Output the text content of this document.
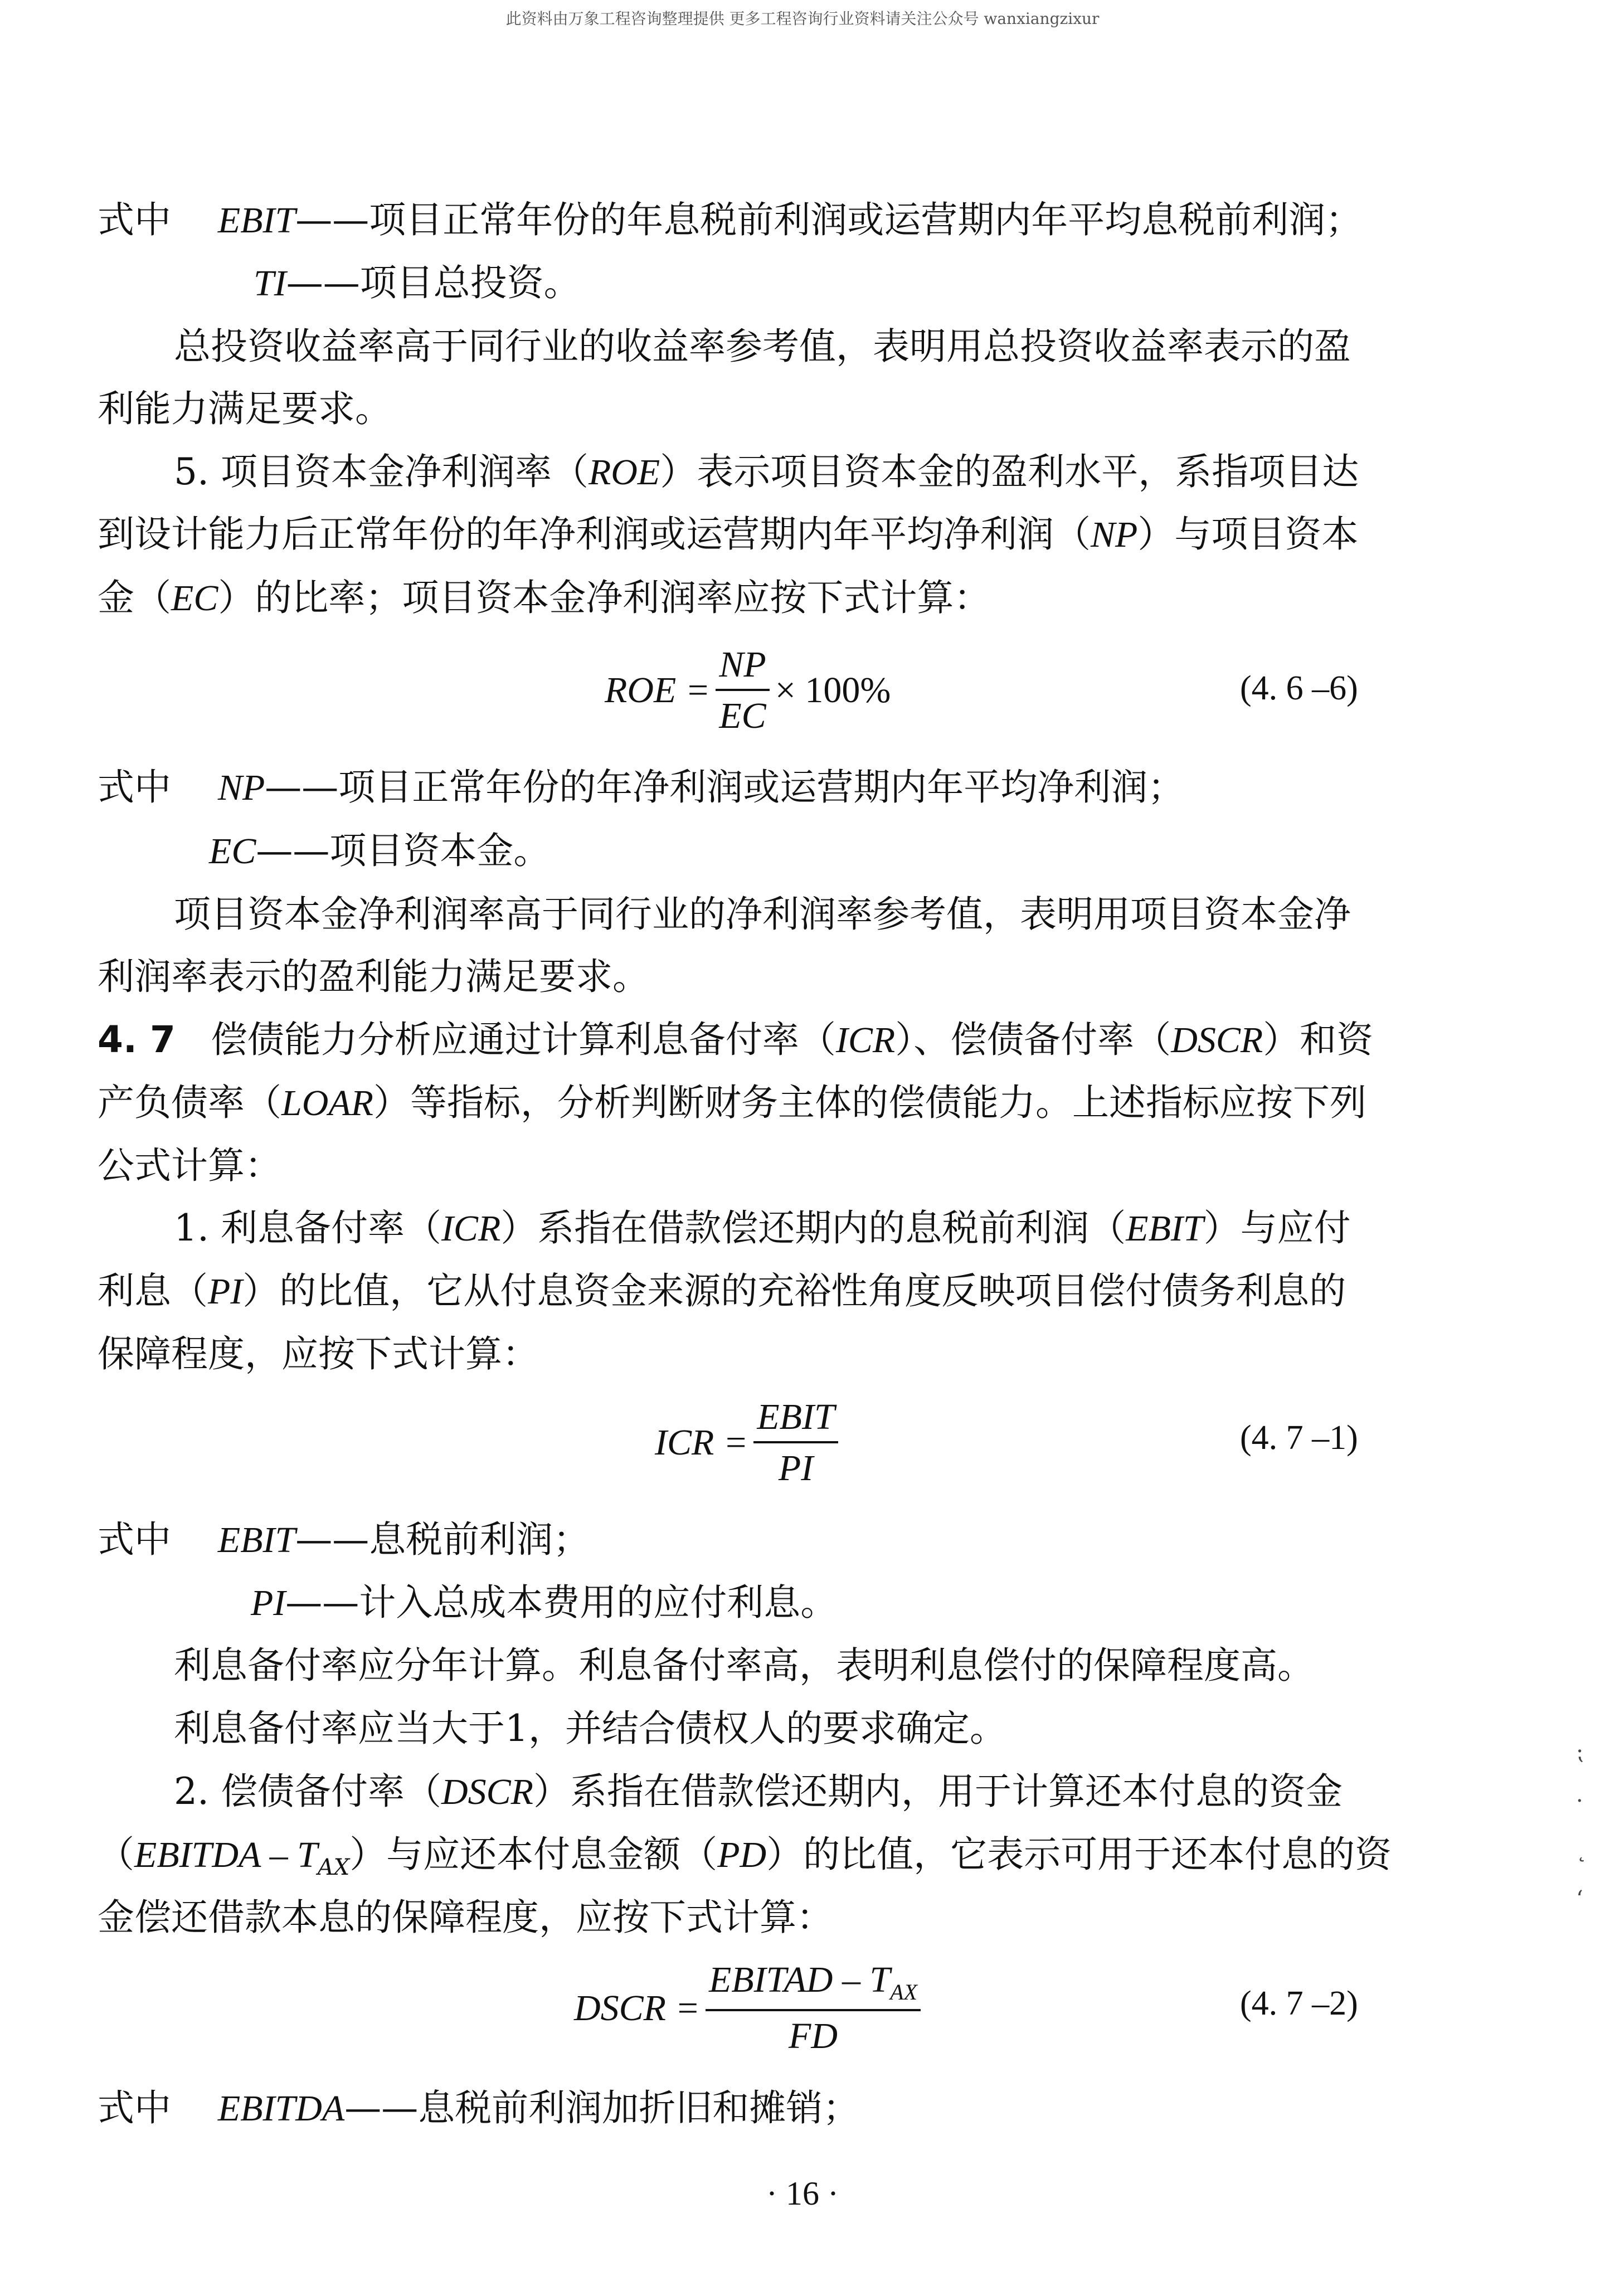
此资料由万象工程咨询整理提供 更多工程咨询行业资料请关注公众号 wanxiangzixur
式中 EBIT——项目正常年份的年息税前利润或运营期内年平均息税前利润；
TI——项目总投资。
总投资收益率高于同行业的收益率参考值，表明用总投资收益率表示的盈
利能力满足要求。
5. 项目资本金净利润率（ROE）表示项目资本金的盈利水平，系指项目达
到设计能力后正常年份的年净利润或运营期内年平均净利润（NP）与项目资本
金（EC）的比率；项目资本金净利润率应按下式计算：
ROE = $\frac{NP}{EC} \times 100\%$	(4. 6 –6)
式中 NP——项目正常年份的年净利润或运营期内年平均净利润；
EC——项目资本金。
项目资本金净利润率高于同行业的净利润率参考值，表明用项目资本金净
利润率表示的盈利能力满足要求。
4. 7 偿债能力分析应通过计算利息备付率（ICR）、偿债备付率（DSCR）和资
产负债率（LOAR）等指标，分析判断财务主体的偿债能力。上述指标应按下列
公式计算：
1. 利息备付率（ICR）系指在借款偿还期内的息税前利润（EBIT）与应付
利息（PI）的比值，它从付息资金来源的充裕性角度反映项目偿付债务利息的
保障程度，应按下式计算：
ICR = $\frac{\text{EBIT}}{PI}$	(4. 7 –1)
式中 EBIT——息税前利润；
PI——计入总成本费用的应付利息。
利息备付率应分年计算。利息备付率高，表明利息偿付的保障程度高。
利息备付率应当大于1，并结合债权人的要求确定。
2. 偿债备付率（DSCR）系指在借款偿还期内，用于计算还本付息的资金
（EBITDA – $T_{AX}$）与应还本付息金额（PD）的比值，它表示可用于还本付息的资
金偿还借款本息的保障程度，应按下式计算：
DSCR = $\frac{EBITAD - T_{AX}}{FD}$	(4. 7 –2)
式中 EBITDA——息税前利润加折旧和摊销；
· 16 ·
⁏
·
˛
‘
